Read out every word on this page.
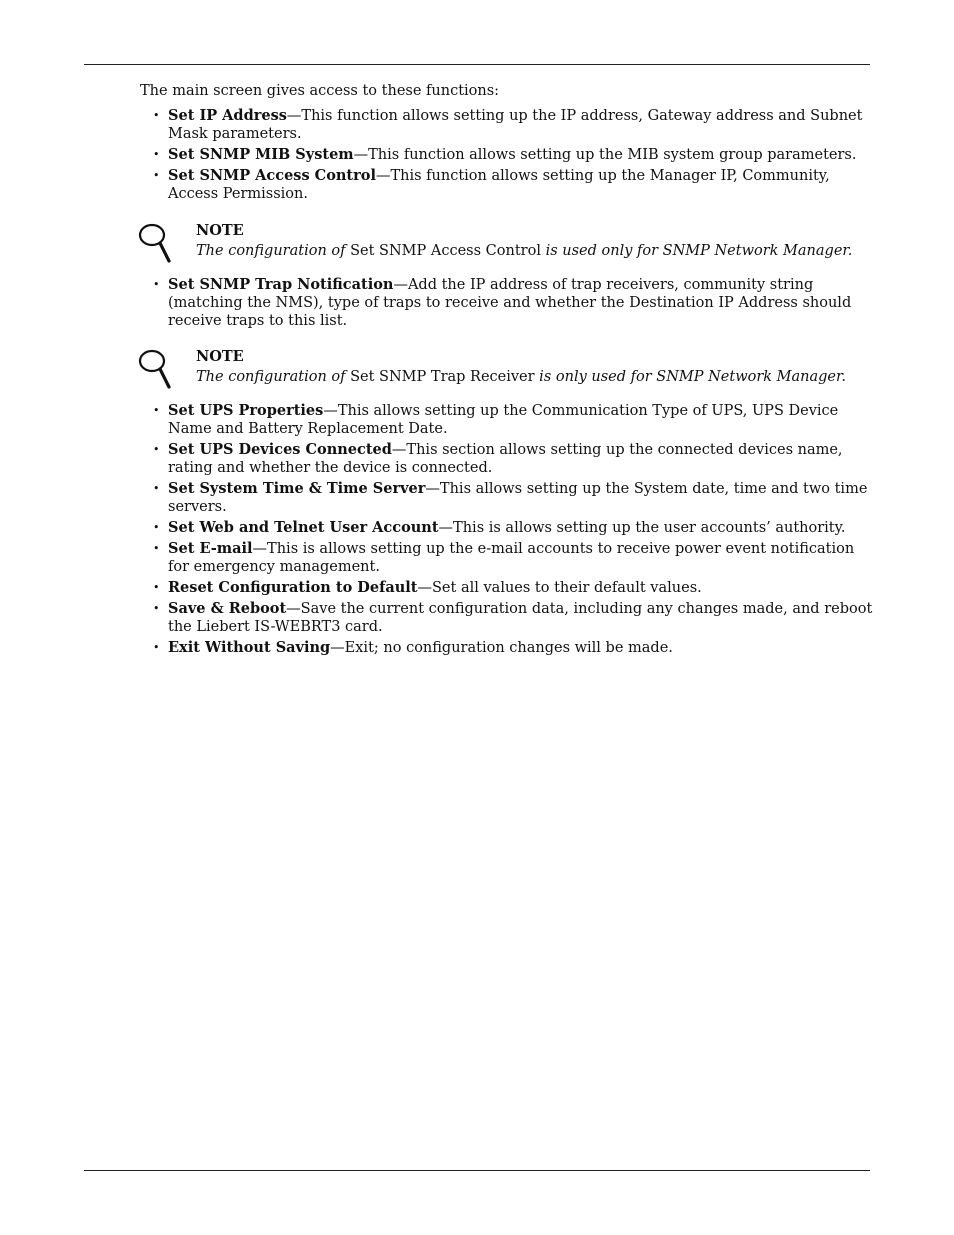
The main screen gives access to these functions:

• Set IP Address—This function allows setting up the IP address, Gateway address and Subnet Mask parameters.
• Set SNMP MIB System—This function allows setting up the MIB system group parameters.
• Set SNMP Access Control—This function allows setting up the Manager IP, Community, Access Permission.
NOTE
The configuration of Set SNMP Access Control is used only for SNMP Network Manager.
• Set SNMP Trap Notification—Add the IP address of trap receivers, community string (matching the NMS), type of traps to receive and whether the Destination IP Address should receive traps to this list.
NOTE
The configuration of Set SNMP Trap Receiver is only used for SNMP Network Manager.
• Set UPS Properties—This allows setting up the Communication Type of UPS, UPS Device Name and Battery Replacement Date.
• Set UPS Devices Connected—This section allows setting up the connected devices name, rating and whether the device is connected.
• Set System Time & Time Server—This allows setting up the System date, time and two time servers.
• Set Web and Telnet User Account—This is allows setting up the user accounts’ authority.
• Set E-mail—This is allows setting up the e-mail accounts to receive power event notification for emergency management.
• Reset Configuration to Default—Set all values to their default values.
• Save & Reboot—Save the current configuration data, including any changes made, and reboot the Liebert IS-WEBRT3 card.
• Exit Without Saving—Exit; no configuration changes will be made.
